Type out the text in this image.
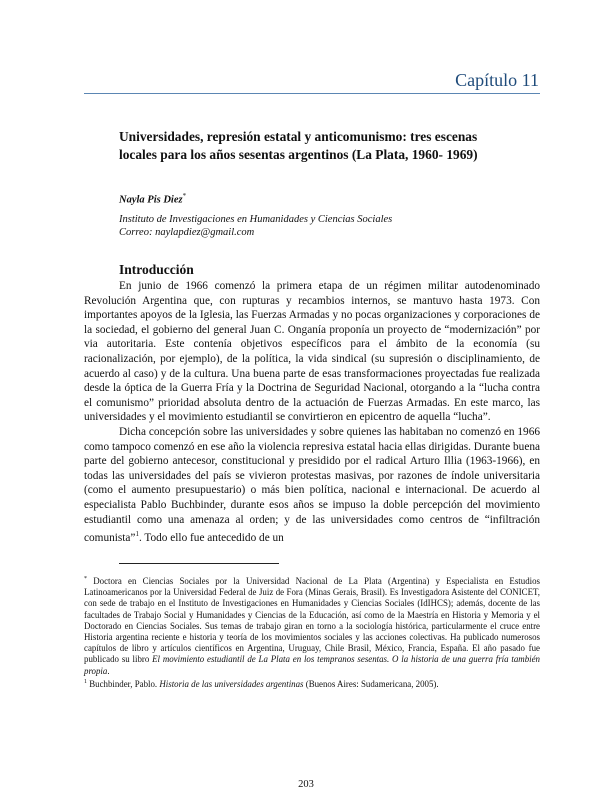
Capítulo 11
Universidades, represión estatal y anticomunismo: tres escenas
locales para los años sesentas argentinos (La Plata, 1960- 1969)
Nayla Pis Diez*
Instituto de Investigaciones en Humanidades y Ciencias Sociales
Correo: naylapdiez@gmail.com
Introducción

En junio de 1966 comenzó la primera etapa de un régimen militar autodenominado Revolución Argentina que, con rupturas y recambios internos, se mantuvo hasta 1973. Con importantes apoyos de la Iglesia, las Fuerzas Armadas y no pocas organizaciones y corporaciones de la sociedad, el gobierno del general Juan C. Onganía proponía un proyecto de “modernización” por via autoritaria. Este contenía objetivos específicos para el ámbito de la economía (su racionalización, por ejemplo), de la política, la vida sindical (su supresión o disciplinamiento, de acuerdo al caso) y de la cultura. Una buena parte de esas transformaciones proyectadas fue realizada desde la óptica de la Guerra Fría y la Doctrina de Seguridad Nacional, otorgando a la “lucha contra el comunismo” prioridad absoluta dentro de la actuación de Fuerzas Armadas. En este marco, las universidades y el movimiento estudiantil se convirtieron en epicentro de aquella “lucha”.

Dicha concepción sobre las universidades y sobre quienes las habitaban no comenzó en 1966 como tampoco comenzó en ese año la violencia represiva estatal hacia ellas dirigidas. Durante buena parte del gobierno antecesor, constitucional y presidido por el radical Arturo Illia (1963-1966), en todas las universidades del país se vivieron protestas masivas, por razones de índole universitaria (como el aumento presupuestario) o más bien política, nacional e internacional. De acuerdo al especialista Pablo Buchbinder, durante esos años se impuso la doble percepción del movimiento estudiantil como una amenaza al orden; y de las universidades como centros de “infiltración comunista”$^1$. Todo ello fue antecedido de un

* Doctora en Ciencias Sociales por la Universidad Nacional de La Plata (Argentina) y Especialista en Estudios Latinoamericanos por la Universidad Federal de Juiz de Fora (Minas Gerais, Brasil). Es Investigadora Asistente del CONICET, con sede de trabajo en el Instituto de Investigaciones en Humanidades y Ciencias Sociales (IdIHCS); además, docente de las facultades de Trabajo Social y Humanidades y Ciencias de la Educación, así como de la Maestría en Historia y Memoria y el Doctorado en Ciencias Sociales. Sus temas de trabajo giran en torno a la sociología histórica, particularmente el cruce entre Historia argentina reciente e historia y teoría de los movimientos sociales y las acciones colectivas. Ha publicado numerosos capítulos de libro y artículos científicos en Argentina, Uruguay, Chile Brasil, México, Francia, España. El año pasado fue publicado su libro El movimiento estudiantil de La Plata en los tempranos sesentas. O la historia de una guerra fría también propia.

$^1$ Buchbinder, Pablo. Historia de las universidades argentinas (Buenos Aires: Sudamericana, 2005).

203
